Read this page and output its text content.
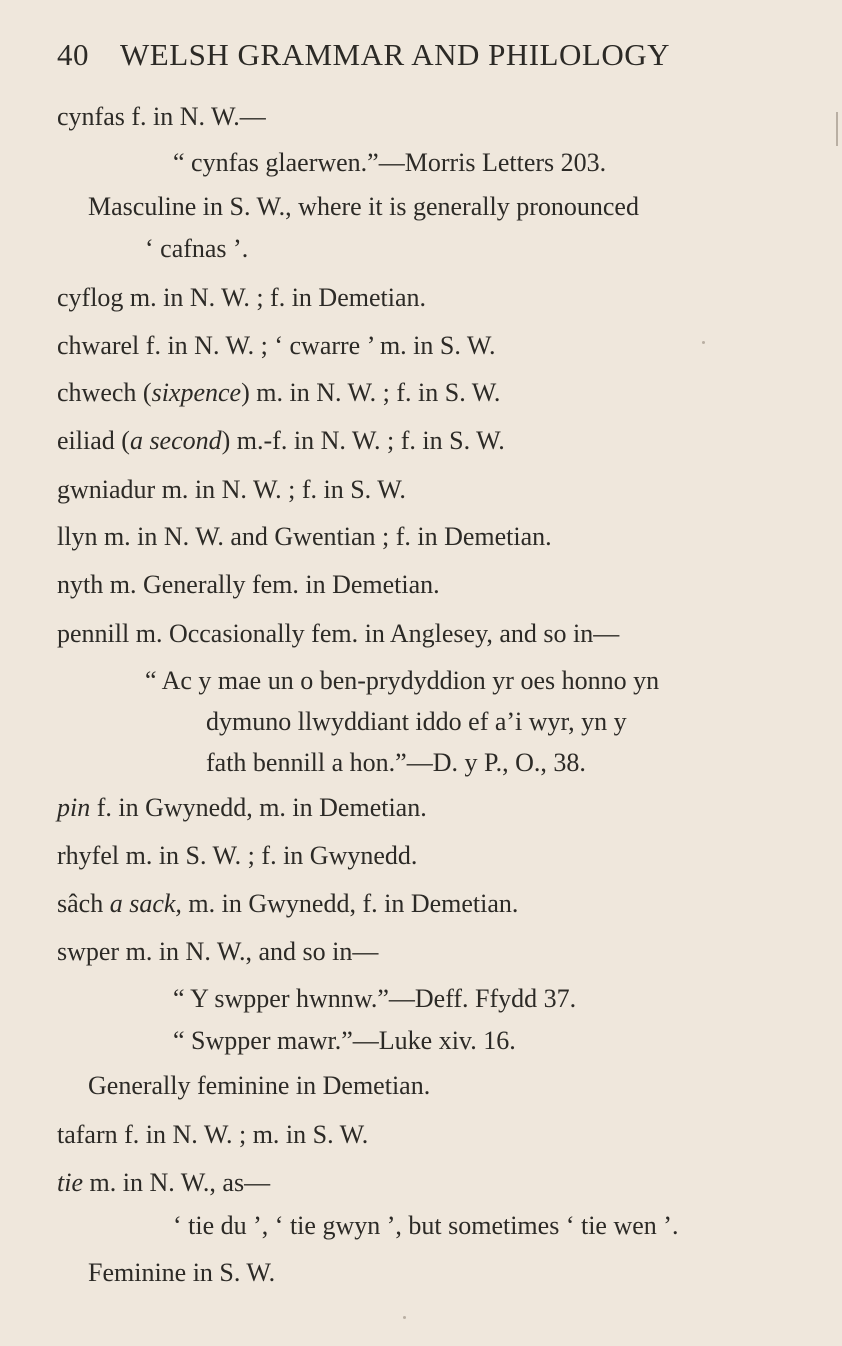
40 WELSH GRAMMAR AND PHILOLOGY
cynfas f. in N. W.—
“ cynfas glaerwen.”—Morris Letters 203.
Masculine in S. W., where it is generally pronounced
‘ cafnas ’.
cyflog m. in N. W. ; f. in Demetian.
chwarel f. in N. W. ; ‘ cwarre ’ m. in S. W.
chwech (sixpence) m. in N. W. ; f. in S. W.
eiliad (a second) m.-f. in N. W. ; f. in S. W.
gwniadur m. in N. W. ; f. in S. W.
llyn m. in N. W. and Gwentian ; f. in Demetian.
nyth m. Generally fem. in Demetian.
pennill m. Occasionally fem. in Anglesey, and so in—
“ Ac y mae un o ben-prydyddion yr oes honno yn
dymuno llwyddiant iddo ef a’i wyr, yn y
fath bennill a hon.”—D. y P., O., 38.
pin f. in Gwynedd, m. in Demetian.
rhyfel m. in S. W. ; f. in Gwynedd.
sâch a sack, m. in Gwynedd, f. in Demetian.
swper m. in N. W., and so in—
“ Y swpper hwnnw.”—Deff. Ffydd 37.
“ Swpper mawr.”—Luke xiv. 16.
Generally feminine in Demetian.
tafarn f. in N. W. ; m. in S. W.
tie m. in N. W., as—
‘ tie du ’, ‘ tie gwyn ’, but sometimes ‘ tie wen ’.
Feminine in S. W.
